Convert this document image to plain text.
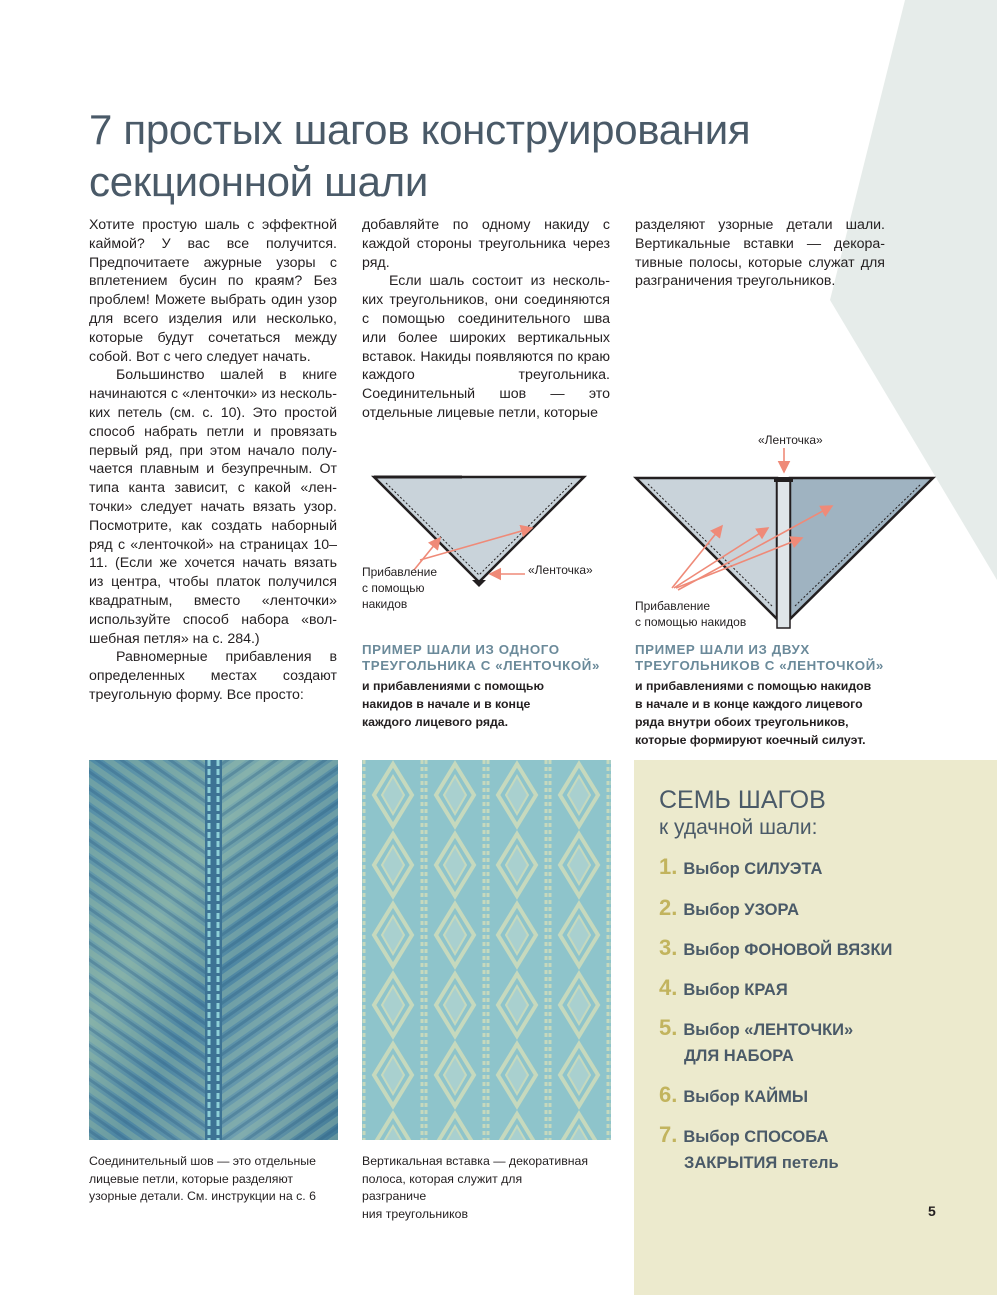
7 простых шагов конструирования
секционной шали

Хотите простую шаль с эффектной каймой? У вас все получится. Предпочитаете ажурные узоры с вплетением бусин по краям? Без проблем! Можете выбрать один узор для всего изделия или несколько, которые будут сочетаться между собой. Вот с чего следует начать.

Большинство шалей в книге начинаются с «ленточки» из нескольких петель (см. с. 10). Это простой способ набрать петли и провязать первый ряд, при этом начало получается плавным и безупречным. От типа канта зависит, с какой «ленточки» следует начать вязать узор. Посмотрите, как создать наборный ряд с «ленточкой» на страницах 10–11. (Если же хочется начать вязать из центра, чтобы платок получился квадратным, вместо «ленточки» используйте способ набора «волшебная петля» на с. 284.)

Равномерные прибавления в определенных местах создают треугольную форму. Все просто:

добавляйте по одному накиду с каждой стороны треугольника через ряд.

Если шаль состоит из нескольких треугольников, они соединяются с помощью соединительного шва или более широких вертикальных вставок. Накиды появляются по краю каждого треугольника. Соединительный шов — это отдельные лицевые петли, которые

разделяют узорные детали шали. Вертикальные вставки — декоративные полосы, которые служат для разграничения треугольников.

Прибавление
с помощью
накидов
«Ленточка»
ПРИМЕР ШАЛИ ИЗ ОДНОГО
ТРЕУГОЛЬНИКА С «ЛЕНТОЧКОЙ»
и прибавлениями с помощью
накидов в начале и в конце
каждого лицевого ряда.
«Ленточка»
Прибавление
с помощью накидов
ПРИМЕР ШАЛИ ИЗ ДВУХ
ТРЕУГОЛЬНИКОВ С «ЛЕНТОЧКОЙ»
и прибавлениями с помощью накидов
в начале и в конце каждого лицевого
ряда внутри обоих треугольников,
которые формируют коечный силуэт.
Соединительный шов — это отдельные
лицевые петли, которые разделяют
узорные детали. См. инструкции на с. 6
Вертикальная вставка — декоративная
полоса, которая служит для разграниче
ния треугольников
СЕМЬ ШАГОВ
к удачной шали:
1. Выбор СИЛУЭТА
2. Выбор УЗОРА
3. Выбор ФОНОВОЙ ВЯЗКИ
4. Выбор КРАЯ
5. Выбор «ЛЕНТОЧКИ»
ДЛЯ НАБОРА
6. Выбор КАЙМЫ
7. Выбор СПОСОБА
ЗАКРЫТИЯ петель
5
